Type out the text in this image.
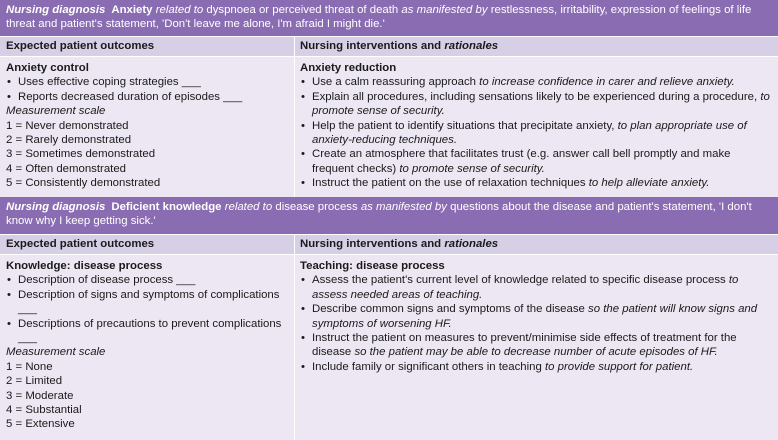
Nursing diagnosis Anxiety related to dyspnoea or perceived threat of death as manifested by restlessness, irritability, expression of feelings of life threat and patient's statement, 'Don't leave me alone, I'm afraid I might die.'
Expected patient outcomes	Nursing interventions and rationales
Anxiety control
• Uses effective coping strategies ___
• Reports decreased duration of episodes ___
Measurement scale
1 = Never demonstrated
2 = Rarely demonstrated
3 = Sometimes demonstrated
4 = Often demonstrated
5 = Consistently demonstrated
Anxiety reduction
• Use a calm reassuring approach to increase confidence in carer and relieve anxiety.
• Explain all procedures, including sensations likely to be experienced during a procedure, to promote sense of security.
• Help the patient to identify situations that precipitate anxiety, to plan appropriate use of anxiety-reducing techniques.
• Create an atmosphere that facilitates trust (e.g. answer call bell promptly and make frequent checks) to promote sense of security.
• Instruct the patient on the use of relaxation techniques to help alleviate anxiety.
Nursing diagnosis Deficient knowledge related to disease process as manifested by questions about the disease and patient's statement, 'I don't know why I keep getting sick.'
Expected patient outcomes	Nursing interventions and rationales
Knowledge: disease process
• Description of disease process ___
• Description of signs and symptoms of complications ___
• Descriptions of precautions to prevent complications ___
Measurement scale
1 = None
2 = Limited
3 = Moderate
4 = Substantial
5 = Extensive
Teaching: disease process
• Assess the patient's current level of knowledge related to specific disease process to assess needed areas of teaching.
• Describe common signs and symptoms of the disease so the patient will know signs and symptoms of worsening HF.
• Instruct the patient on measures to prevent/minimise side effects of treatment for the disease so the patient may be able to decrease number of acute episodes of HF.
• Include family or significant others in teaching to provide support for patient.
